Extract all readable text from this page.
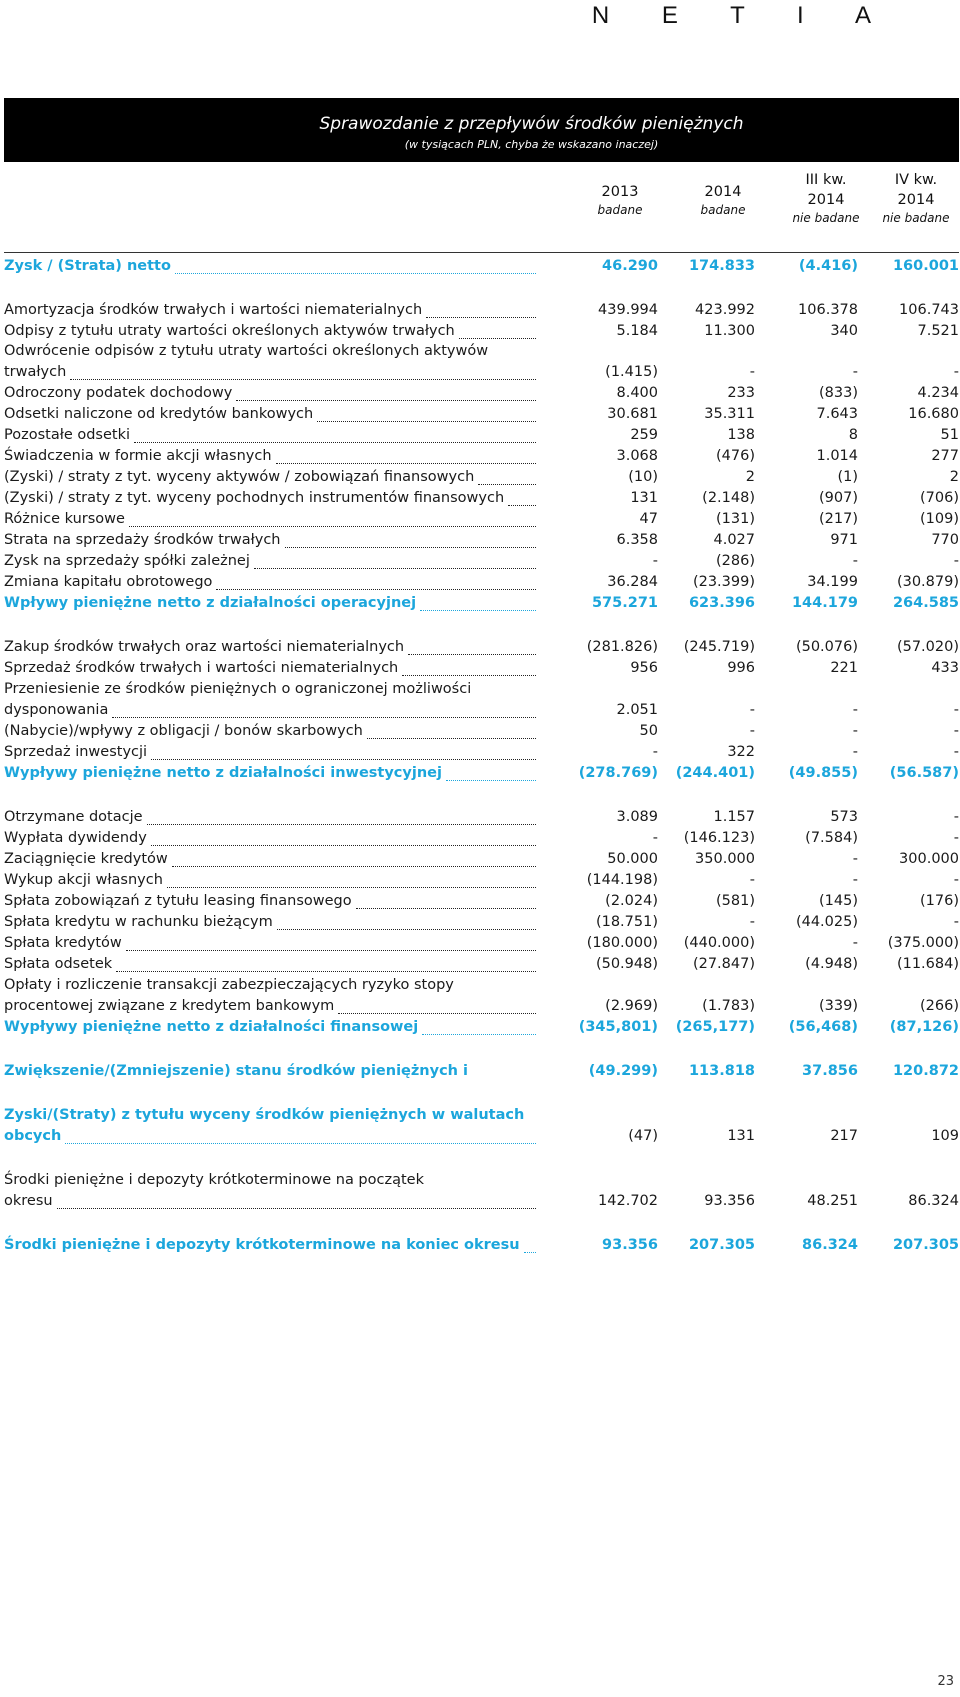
N E T I A
Sprawozdanie z przepływów środków pieniężnych
(w tysiącach PLN, chyba że wskazano inaczej)
2013
badane
2014
badane
III kw.
2014
nie badane
IV kw.
2014
nie badane
Zysk / (Strata) netto	46.290 174.833	(4.416) 160.001
Amortyzacja środków trwałych i wartości niematerialnych	439.994	423.992	106.378	106.743
Odpisy z tytułu utraty wartości określonych aktywów trwałych	5.184	11.300	340	7.521
Odwrócenie odpisów z tytułu utraty wartości określonych aktywów
trwałych	(1.415)	-	-	-
Odroczony podatek dochodowy	8.400	233	(833)	4.234
Odsetki naliczone od kredytów bankowych	30.681	35.311	7.643	16.680
Pozostałe odsetki	259	138	8	51
Świadczenia w formie akcji własnych	3.068	(476)	1.014	277
(Zyski) / straty z tyt. wyceny aktywów / zobowiązań finansowych	(10)	2	(1)	2
(Zyski) / straty z tyt. wyceny pochodnych instrumentów finansowych	131	(2.148)	(907)	(706)
Różnice kursowe	47	(131)	(217)	(109)
Strata na sprzedaży środków trwałych	6.358	4.027	971	770
Zysk na sprzedaży spółki zależnej	-	(286)	-	-
Zmiana kapitału obrotowego	36.284 (23.399)	34.199	(30.879)
Wpływy pieniężne netto z działalności operacyjnej	575.271 623.396	144.179 264.585
Zakup środków trwałych oraz wartości niematerialnych	(281.826) (245.719)	(50.076)	(57.020)
Sprzedaż środków trwałych i wartości niematerialnych	956	996	221	433
Przeniesienie ze środków pieniężnych o ograniczonej możliwości
dysponowania	2.051	-	-	-
(Nabycie)/wpływy z obligacji / bonów skarbowych	50	-	-	-
Sprzedaż inwestycji	-	322	-	-
Wypływy pieniężne netto z działalności inwestycyjnej	(278.769) (244.401) (49.855) (56.587)
Otrzymane dotacje	3.089	1.157	573	-
Wypłata dywidendy	- (146.123)	(7.584)	-
Zaciągnięcie kredytów	50.000	350.000	-	300.000
Wykup akcji własnych	(144.198)	-	-	-
Spłata zobowiązań z tytułu leasing finansowego	(2.024)	(581)	(145)	(176)
Spłata kredytu w rachunku bieżącym	(18.751)	-	(44.025)	-
Spłata kredytów	(180.000) (440.000)	- (375.000)
Spłata odsetek	(50.948) (27.847)	(4.948)	(11.684)
Opłaty i rozliczenie transakcji zabezpieczających ryzyko stopy
procentowej związane z kredytem bankowym	(2.969)	(1.783)	(339)	(266)
Wypływy pieniężne netto z działalności finansowej	(345,801) (265,177) (56,468) (87,126)
Zwiększenie/(Zmniejszenie) stanu środków pieniężnych i	(49.299) 113.818	37.856 120.872
Zyski/(Straty) z tytułu wyceny środków pieniężnych w walutach
obcych	(47)	131	217	109
Środki pieniężne i depozyty krótkoterminowe na początek
okresu	142.702	93.356	48.251	86.324
Środki pieniężne i depozyty krótkoterminowe na koniec okresu	93.356 207.305	86.324 207.305
23
